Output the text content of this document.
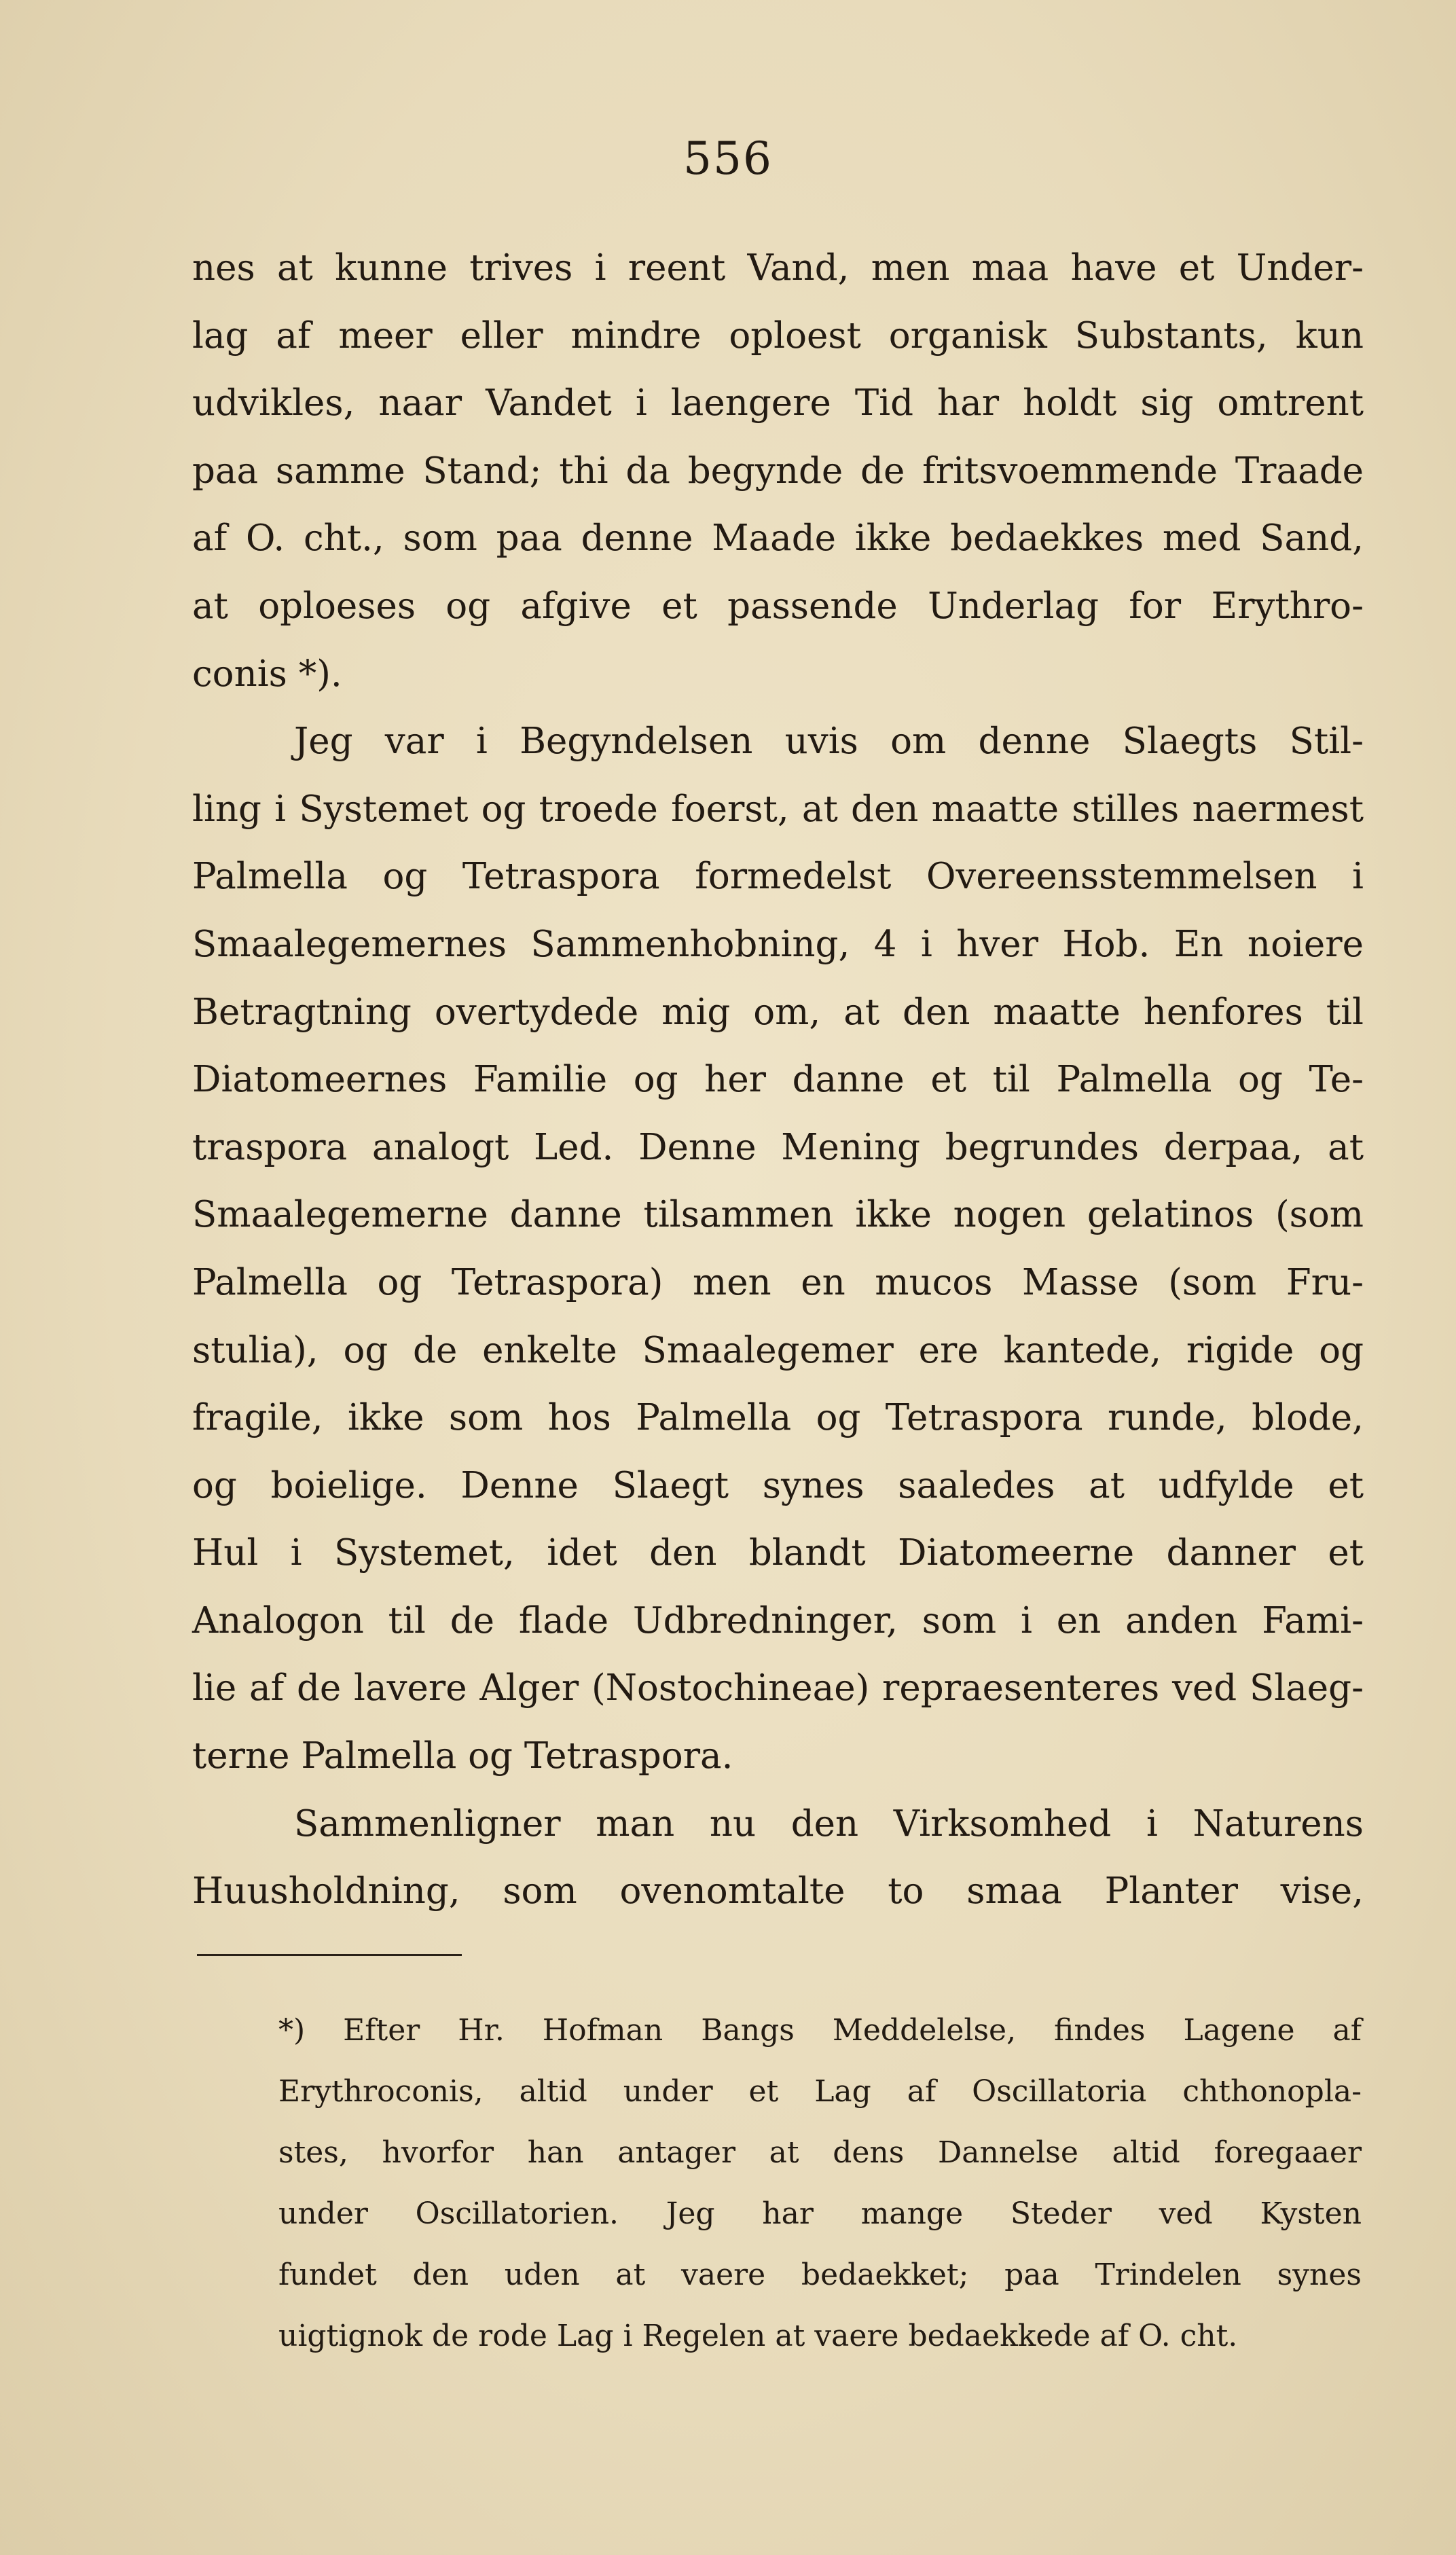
556
nes at kunne trives i reent Vand, men maa have et Under-
lag af meer eller mindre oploest organisk Substants, kun
udvikles, naar Vandet i laengere Tid har holdt sig omtrent
paa samme Stand; thi da begynde de fritsvoemmende Traade
af O. cht., som paa denne Maade ikke bedaekkes med Sand,
at oploeses og afgive et passende Underlag for Erythro-
conis *).
Jeg var i Begyndelsen uvis om denne Slaegts Stil-
ling i Systemet og troede foerst, at den maatte stilles naermest
Palmella og Tetraspora formedelst Overeensstemmelsen i
Smaalegemernes Sammenhobning, 4 i hver Hob. En noiere
Betragtning overtydede mig om, at den maatte henfores til
Diatomeernes Familie og her danne et til Palmella og Te-
traspora analogt Led. Denne Mening begrundes derpaa, at
Smaalegemerne danne tilsammen ikke nogen gelatinos (som
Palmella og Tetraspora) men en mucos Masse (som Fru-
stulia), og de enkelte Smaalegemer ere kantede, rigide og
fragile, ikke som hos Palmella og Tetraspora runde, blode,
og boielige. Denne Slaegt synes saaledes at udfylde et
Hul i Systemet, idet den blandt Diatomeerne danner et
Analogon til de flade Udbredninger, som i en anden Fami-
lie af de lavere Alger (Nostochineae) repraesenteres ved Slaeg-
terne Palmella og Tetraspora.
Sammenligner man nu den Virksomhed i Naturens
Huusholdning, som ovenomtalte to smaa Planter vise,
*) Efter Hr. Hofman Bangs Meddelelse, findes Lagene af
Erythroconis, altid under et Lag af Oscillatoria chthonopla-
stes, hvorfor han antager at dens Dannelse altid foregaaer
under Oscillatorien. Jeg har mange Steder ved Kysten
fundet den uden at vaere bedaekket; paa Trindelen synes
uigtignok de rode Lag i Regelen at vaere bedaekkede af O. cht.
